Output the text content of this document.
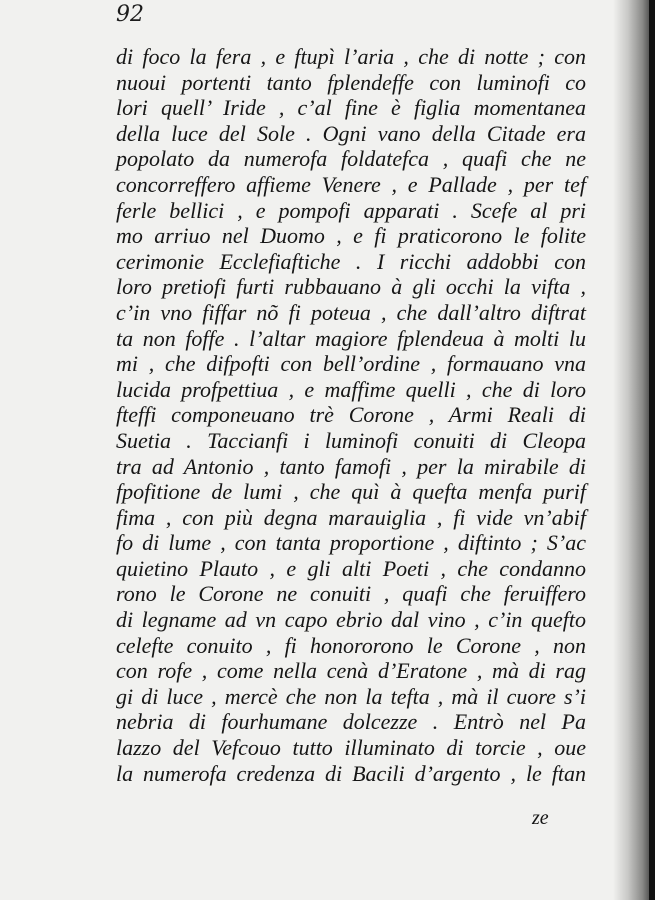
92

di foco la fera , e ftupì l’aria , che di notte ; con
nuoui portenti tanto fplendeffe con luminofi co
lori quell’ Iride , c’al fine è figlia momentanea
della luce del Sole . Ogni vano della Citade era
popolato da numerofa foldatefca , quafi che ne
concorreffero affieme Venere , e Pallade , per tef
ferle bellici , e pompofi apparati . Scefe al pri
mo arriuo nel Duomo , e fi praticorono le folite
cerimonie Ecclefiaftiche . I ricchi addobbi con
loro pretiofi furti rubbauano à gli occhi la vifta ,
c’in vno fiffar nõ fi poteua , che dall’altro diftrat
ta non foffe . l’altar magiore fplendeua à molti lu
mi , che difpofti con bell’ordine , formauano vna
lucida profpettiua , e maffime quelli , che di loro
fteffi componeuano trè Corone , Armi Reali di
Suetia . Taccianfi i luminofi conuiti di Cleopa
tra ad Antonio , tanto famofi , per la mirabile di
fpofitione de lumi , che quì à quefta menfa purif
fima , con più degna marauiglia , fi vide vn’abif
fo di lume , con tanta proportione , diftinto ; S’ac
quietino Plauto , e gli alti Poeti , che condanno
rono le Corone ne conuiti , quafi che feruiffero
di legname ad vn capo ebrio dal vino , c’in quefto
celefte conuito , fi honororono le Corone , non
con rofe , come nella cenà d’Eratone , mà di rag
gi di luce , mercè che non la tefta , mà il cuore s’i
nebria di fourhumane dolcezze . Entrò nel Pa
lazzo del Vefcouo tutto illuminato di torcie , oue
la numerofa credenza di Bacili d’argento , le ftan

ze
